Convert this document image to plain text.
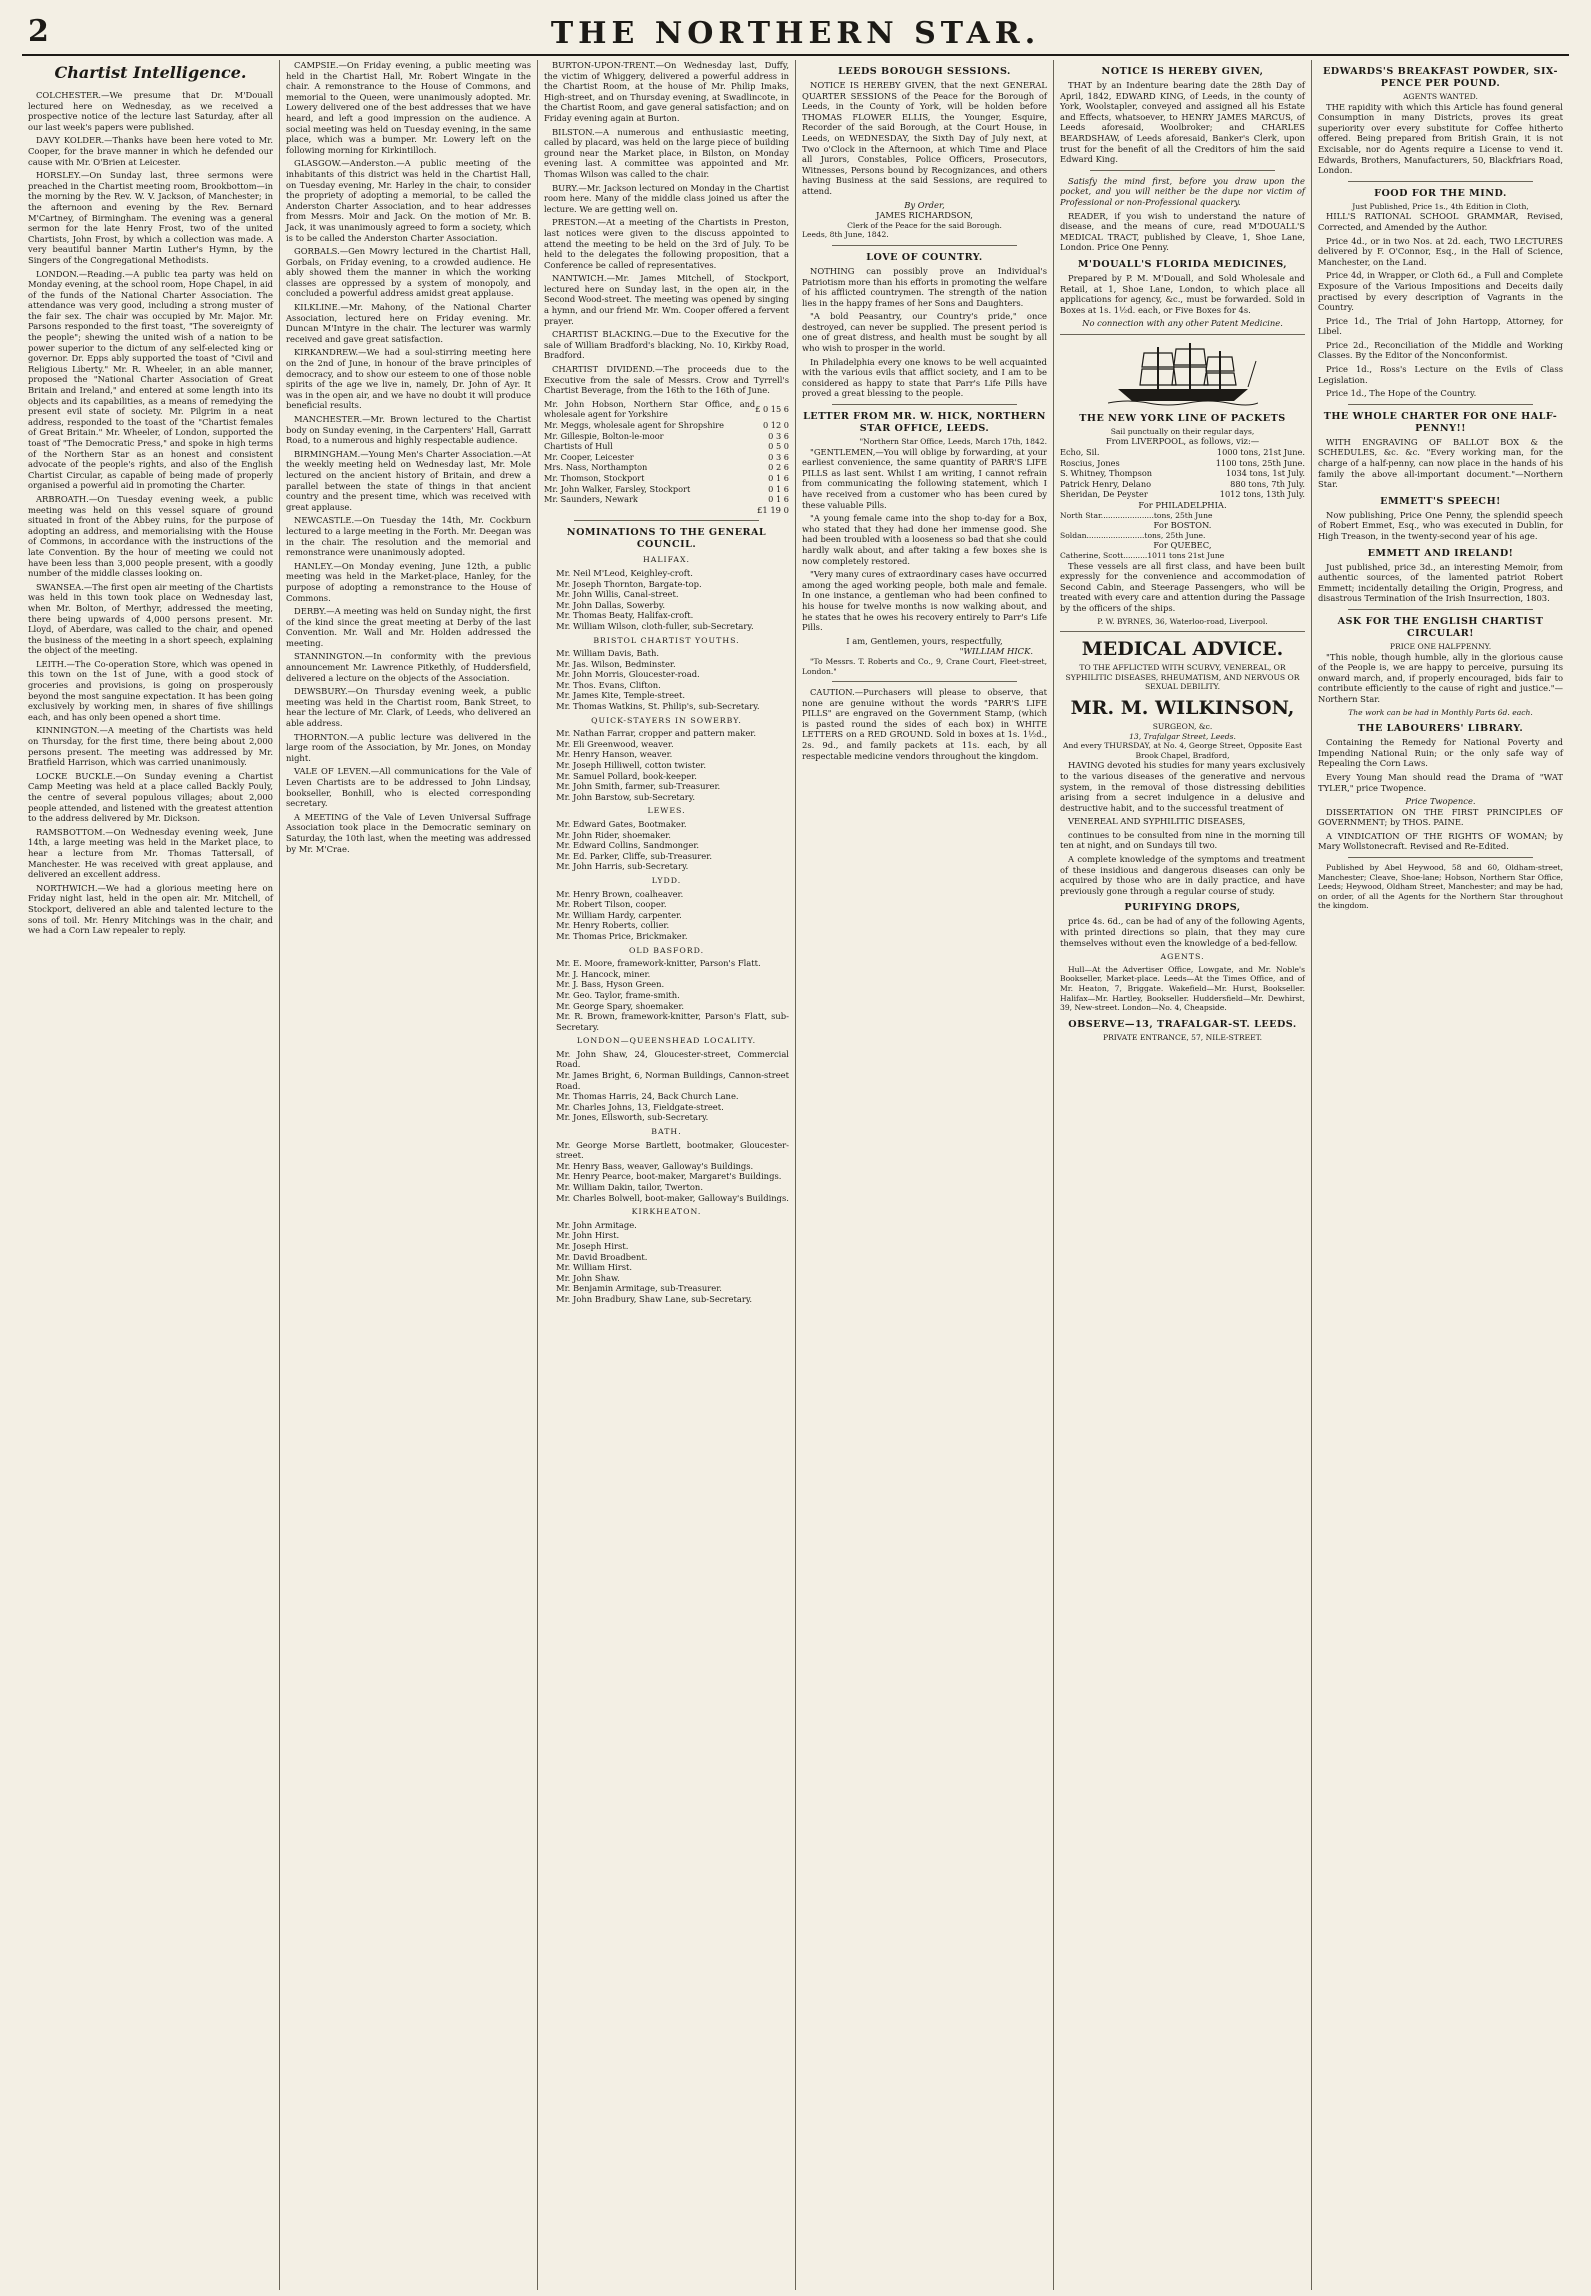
2	THE NORTHERN STAR.
Chartist Intelligence.

COLCHESTER.—We presume that Dr. M'Douall lectured here on Wednesday, as we received a prospective notice of the lecture last Saturday, after all our last week's papers were published.

DAVY KOLDER.—Thanks have been here voted to Mr. Cooper, for the brave manner in which he defended our cause with Mr. O'Brien at Leicester.

HORSLEY.—On Sunday last, three sermons were preached in the Chartist meeting room, Brookbottom—in the morning by the Rev. W. V. Jackson, of Manchester; in the afternoon and evening by the Rev. Bernard M'Cartney, of Birmingham. The evening was a general sermon for the late Henry Frost, two of the united Chartists, John Frost, by which a collection was made. A very beautiful banner Martin Luther's Hymn, by the Singers of the Congregational Methodists.

LONDON.—Reading.—A public tea party was held on Monday evening, at the school room, Hope Chapel, in aid of the funds of the National Charter Association. The attendance was very good, including a strong muster of the fair sex. The chair was occupied by Mr. Major. Mr. Parsons responded to the first toast, "The sovereignty of the people"; shewing the united wish of a nation to be power superior to the dictum of any self-elected king or governor. Dr. Epps ably supported the toast of "Civil and Religious Liberty." Mr. R. Wheeler, in an able manner, proposed the "National Charter Association of Great Britain and Ireland," and entered at some length into its objects and its capabilities, as a means of remedying the present evil state of society. Mr. Pilgrim in a neat address, responded to the toast of the "Chartist females of Great Britain." Mr. Wheeler, of London, supported the toast of "The Democratic Press," and spoke in high terms of the Northern Star as an honest and consistent advocate of the people's rights, and also of the English Chartist Circular, as capable of being made of properly organised a powerful aid in promoting the Charter.

ARBROATH.—On Tuesday evening week, a public meeting was held on this vessel square of ground situated in front of the Abbey ruins, for the purpose of adopting an address, and memorialising with the House of Commons, in accordance with the instructions of the late Convention. By the hour of meeting we could not have been less than 3,000 people present, with a goodly number of the middle classes looking on.

SWANSEA.—The first open air meeting of the Chartists was held in this town took place on Wednesday last, when Mr. Bolton, of Merthyr, addressed the meeting, there being upwards of 4,000 persons present. Mr. Lloyd, of Aberdare, was called to the chair, and opened the business of the meeting in a short speech, explaining the object of the meeting.

LEITH.—The Co-operation Store, which was opened in this town on the 1st of June, with a good stock of groceries and provisions, is going on prosperously beyond the most sanguine expectation. It has been going exclusively by working men, in shares of five shillings each, and has only been opened a short time.

KINNINGTON.—A meeting of the Chartists was held on Thursday, for the first time, there being about 2,000 persons present. The meeting was addressed by Mr. Bratfield Harrison, which was carried unanimously.

LOCKE BUCKLE.—On Sunday evening a Chartist Camp Meeting was held at a place called Backly Pouly, the centre of several populous villages; about 2,000 people attended, and listened with the greatest attention to the address delivered by Mr. Dickson.

RAMSBOTTOM.—On Wednesday evening week, June 14th, a large meeting was held in the Market place, to hear a lecture from Mr. Thomas Tattersall, of Manchester. He was received with great applause, and delivered an excellent address.

NORTHWICH.—We had a glorious meeting here on Friday night last, held in the open air. Mr. Mitchell, of Stockport, delivered an able and talented lecture to the sons of toil. Mr. Henry Mitchings was in the chair, and we had a Corn Law repealer to reply.

CAMPSIE.—On Friday evening, a public meeting was held in the Chartist Hall, Mr. Robert Wingate in the chair. A remonstrance to the House of Commons, and memorial to the Queen, were unanimously adopted. Mr. Lowery delivered one of the best addresses that we have heard, and left a good impression on the audience. A social meeting was held on Tuesday evening, in the same place, which was a bumper. Mr. Lowery left on the following morning for Kirkintilloch.

GLASGOW.—Anderston.—A public meeting of the inhabitants of this district was held in the Chartist Hall, on Tuesday evening, Mr. Harley in the chair, to consider the propriety of adopting a memorial, to be called the Anderston Charter Association, and to hear addresses from Messrs. Moir and Jack. On the motion of Mr. B. Jack, it was unanimously agreed to form a society, which is to be called the Anderston Charter Association.

GORBALS.—Gen Mowry lectured in the Chartist Hall, Gorbals, on Friday evening, to a crowded audience. He ably showed them the manner in which the working classes are oppressed by a system of monopoly, and concluded a powerful address amidst great applause.

KILKLINE.—Mr. Mahony, of the National Charter Association, lectured here on Friday evening. Mr. Duncan M'Intyre in the chair. The lecturer was warmly received and gave great satisfaction.

KIRKANDREW.—We had a soul-stirring meeting here on the 2nd of June, in honour of the brave principles of democracy, and to show our esteem to one of those noble spirits of the age we live in, namely, Dr. John of Ayr. It was in the open air, and we have no doubt it will produce beneficial results.

MANCHESTER.—Mr. Brown lectured to the Chartist body on Sunday evening, in the Carpenters' Hall, Garratt Road, to a numerous and highly respectable audience.

BIRMINGHAM.—Young Men's Charter Association.—At the weekly meeting held on Wednesday last, Mr. Mole lectured on the ancient history of Britain, and drew a parallel between the state of things in that ancient country and the present time, which was received with great applause.

NEWCASTLE.—On Tuesday the 14th, Mr. Cockburn lectured to a large meeting in the Forth. Mr. Deegan was in the chair. The resolution and the memorial and remonstrance were unanimously adopted.

HANLEY.—On Monday evening, June 12th, a public meeting was held in the Market-place, Hanley, for the purpose of adopting a remonstrance to the House of Commons.

DERBY.—A meeting was held on Sunday night, the first of the kind since the great meeting at Derby of the last Convention. Mr. Wall and Mr. Holden addressed the meeting.

STANNINGTON.—In conformity with the previous announcement Mr. Lawrence Pitkethly, of Huddersfield, delivered a lecture on the objects of the Association.

DEWSBURY.—On Thursday evening week, a public meeting was held in the Chartist room, Bank Street, to hear the lecture of Mr. Clark, of Leeds, who delivered an able address.

THORNTON.—A public lecture was delivered in the large room of the Association, by Mr. Jones, on Monday night.

VALE OF LEVEN.—All communications for the Vale of Leven Chartists are to be addressed to John Lindsay, bookseller, Bonhill, who is elected corresponding secretary.

A MEETING of the Vale of Leven Universal Suffrage Association took place in the Democratic seminary on Saturday, the 10th last, when the meeting was addressed by Mr. M'Crae.

BURTON-UPON-TRENT.—On Wednesday last, Duffy, the victim of Whiggery, delivered a powerful address in the Chartist Room, at the house of Mr. Philip Imaks, High-street, and on Thursday evening, at Swadlincote, in the Chartist Room, and gave general satisfaction; and on Friday evening again at Burton.

BILSTON.—A numerous and enthusiastic meeting, called by placard, was held on the large piece of building ground near the Market place, in Bilston, on Monday evening last. A committee was appointed and Mr. Thomas Wilson was called to the chair.

BURY.—Mr. Jackson lectured on Monday in the Chartist room here. Many of the middle class joined us after the lecture. We are getting well on.

PRESTON.—At a meeting of the Chartists in Preston, last notices were given to the discuss appointed to attend the meeting to be held on the 3rd of July. To be held to the delegates the following proposition, that a Conference be called of representatives.

NANTWICH.—Mr. James Mitchell, of Stockport, lectured here on Sunday last, in the open air, in the Second Wood-street. The meeting was opened by singing a hymn, and our friend Mr. Wm. Cooper offered a fervent prayer.

CHARTIST BLACKING.—Due to the Executive for the sale of William Bradford's blacking, No. 10, Kirkby Road, Bradford.

CHARTIST DIVIDEND.—The proceeds due to the Executive from the sale of Messrs. Crow and Tyrrell's Chartist Beverage, from the 16th to the 16th of June.

Mr. John Hobson, Northern Star Office, and wholesale agent for Yorkshire	£ 0 15 6
Mr. Meggs, wholesale agent for Shropshire	0 12 0
Mr. Gillespie, Bolton-le-moor	0 3 6
Chartists of Hull	0 5 0
Mr. Cooper, Leicester	0 3 6
Mrs. Nass, Northampton	0 2 6
Mr. Thomson, Stockport	0 1 6
Mr. John Walker, Farsley, Stockport	0 1 6
Mr. Saunders, Newark	0 1 6
£1 19 0
NOMINATIONS TO THE GENERAL COUNCIL.
HALIFAX.
Mr. Neil M'Leod, Keighley-croft.
Mr. Joseph Thornton, Bargate-top.
Mr. John Willis, Canal-street.
Mr. John Dallas, Sowerby.
Mr. Thomas Beaty, Halifax-croft.
Mr. William Wilson, cloth-fuller, sub-Secretary.
BRISTOL CHARTIST YOUTHS.
Mr. William Davis, Bath.
Mr. Jas. Wilson, Bedminster.
Mr. John Morris, Gloucester-road.
Mr. Thos. Evans, Clifton.
Mr. James Kite, Temple-street.
Mr. Thomas Watkins, St. Philip's, sub-Secretary.
QUICK-STAYERS IN SOWERBY.
Mr. Nathan Farrar, cropper and pattern maker.
Mr. Eli Greenwood, weaver.
Mr. Henry Hanson, weaver.
Mr. Joseph Hilliwell, cotton twister.
Mr. Samuel Pollard, book-keeper.
Mr. John Smith, farmer, sub-Treasurer.
Mr. John Barstow, sub-Secretary.
LEWES.
Mr. Edward Gates, Bootmaker.
Mr. John Rider, shoemaker.
Mr. Edward Collins, Sandmonger.
Mr. Ed. Parker, Cliffe, sub-Treasurer.
Mr. John Harris, sub-Secretary.
LYDD.
Mr. Henry Brown, coalheaver.
Mr. Robert Tilson, cooper.
Mr. William Hardy, carpenter.
Mr. Henry Roberts, collier.
Mr. Thomas Price, Brickmaker.
OLD BASFORD.
Mr. E. Moore, framework-knitter, Parson's Flatt.
Mr. J. Hancock, miner.
Mr. J. Bass, Hyson Green.
Mr. Geo. Taylor, frame-smith.
Mr. George Spary, shoemaker.
Mr. R. Brown, framework-knitter, Parson's Flatt, sub-Secretary.
LONDON—QUEENSHEAD LOCALITY.
Mr. John Shaw, 24, Gloucester-street, Commercial Road.
Mr. James Bright, 6, Norman Buildings, Cannon-street Road.
Mr. Thomas Harris, 24, Back Church Lane.
Mr. Charles Johns, 13, Fieldgate-street.
Mr. Jones, Ellsworth, sub-Secretary.
BATH.
Mr. George Morse Bartlett, bootmaker, Gloucester-street.
Mr. Henry Bass, weaver, Galloway's Buildings.
Mr. Henry Pearce, boot-maker, Margaret's Buildings.
Mr. William Dakin, tailor, Twerton.
Mr. Charles Bolwell, boot-maker, Galloway's Buildings.
KIRKHEATON.
Mr. John Armitage.
Mr. John Hirst.
Mr. Joseph Hirst.
Mr. David Broadbent.
Mr. William Hirst.
Mr. John Shaw.
Mr. Benjamin Armitage, sub-Treasurer.
Mr. John Bradbury, Shaw Lane, sub-Secretary.
LEEDS BOROUGH SESSIONS.

NOTICE IS HEREBY GIVEN, that the next GENERAL QUARTER SESSIONS of the Peace for the Borough of Leeds, in the County of York, will be holden before THOMAS FLOWER ELLIS, the Younger, Esquire, Recorder of the said Borough, at the Court House, in Leeds, on WEDNESDAY, the Sixth Day of July next, at Two o'Clock in the Afternoon, at which Time and Place all Jurors, Constables, Police Officers, Prosecutors, Witnesses, Persons bound by Recognizances, and others having Business at the said Sessions, are required to attend.

By Order,
JAMES RICHARDSON,
Clerk of the Peace for the said Borough.
Leeds, 8th June, 1842.
LOVE OF COUNTRY.

NOTHING can possibly prove an Individual's Patriotism more than his efforts in promoting the welfare of his afflicted countrymen. The strength of the nation lies in the happy frames of her Sons and Daughters.

"A bold Peasantry, our Country's pride," once destroyed, can never be supplied. The present period is one of great distress, and health must be sought by all who wish to prosper in the world.

In Philadelphia every one knows to be well acquainted with the various evils that afflict society, and I am to be considered as happy to state that Parr's Life Pills have proved a great blessing to the people.

LETTER FROM MR. W. HICK, NORTHERN STAR OFFICE, LEEDS.
"Northern Star Office, Leeds, March 17th, 1842.

"GENTLEMEN,—You will oblige by forwarding, at your earliest convenience, the same quantity of PARR'S LIFE PILLS as last sent. Whilst I am writing, I cannot refrain from communicating the following statement, which I have received from a customer who has been cured by these valuable Pills.

"A young female came into the shop to-day for a Box, who stated that they had done her immense good. She had been troubled with a looseness so bad that she could hardly walk about, and after taking a few boxes she is now completely restored.

"Very many cures of extraordinary cases have occurred among the aged working people, both male and female. In one instance, a gentleman who had been confined to his house for twelve months is now walking about, and he states that he owes his recovery entirely to Parr's Life Pills.

I am, Gentlemen, yours, respectfully,
"WILLIAM HICK.

"To Messrs. T. Roberts and Co., 9, Crane Court, Fleet-street, London."

CAUTION.—Purchasers will please to observe, that none are genuine without the words "PARR'S LIFE PILLS" are engraved on the Government Stamp, (which is pasted round the sides of each box) in WHITE LETTERS on a RED GROUND. Sold in boxes at 1s. 1½d., 2s. 9d., and family packets at 11s. each, by all respectable medicine vendors throughout the kingdom.

NOTICE IS HEREBY GIVEN,

THAT by an Indenture bearing date the 28th Day of April, 1842, EDWARD KING, of Leeds, in the county of York, Woolstapler, conveyed and assigned all his Estate and Effects, whatsoever, to HENRY JAMES MARCUS, of Leeds aforesaid, Woolbroker; and CHARLES BEARDSHAW, of Leeds aforesaid, Banker's Clerk, upon trust for the benefit of all the Creditors of him the said Edward King.

Satisfy the mind first, before you draw upon the pocket, and you will neither be the dupe nor victim of Professional or non-Professional quackery.

READER, if you wish to understand the nature of disease, and the means of cure, read M'DOUALL'S MEDICAL TRACT, published by Cleave, 1, Shoe Lane, London. Price One Penny.

M'DOUALL'S FLORIDA MEDICINES,

Prepared by P. M. M'Douall, and Sold Wholesale and Retail, at 1, Shoe Lane, London, to which place all applications for agency, &c., must be forwarded. Sold in Boxes at 1s. 1½d. each, or Five Boxes for 4s.

No connection with any other Patent Medicine.
THE NEW YORK LINE OF PACKETS
Sail punctually on their regular days,
From LIVERPOOL, as follows, viz:—
Echo, Sil.	1000 tons, 21st June.
Roscius, Jones	1100 tons, 25th June.
S. Whitney, Thompson	1034 tons, 1st July.
Patrick Henry, Delano	880 tons, 7th July.
Sheridan, De Peyster	1012 tons, 13th July.
For PHILADELPHIA.
North Star......................tons, 25th June
For BOSTON.
Soldan........................tons, 25th June.
For QUEBEC,
Catherine, Scott..........1011 tons 21st June

These vessels are all first class, and have been built expressly for the convenience and accommodation of Second Cabin, and Steerage Passengers, who will be treated with every care and attention during the Passage by the officers of the ships.

P. W. BYRNES, 36, Waterloo-road, Liverpool.
MEDICAL ADVICE.
TO THE AFFLICTED WITH SCURVY, VENEREAL, OR SYPHILITIC DISEASES, RHEUMATISM, AND NERVOUS OR SEXUAL DEBILITY.
MR. M. WILKINSON,
SURGEON, &c.
13, Trafalgar Street, Leeds.
And every THURSDAY, at No. 4, George Street, Opposite East Brook Chapel, Bradford,

HAVING devoted his studies for many years exclusively to the various diseases of the generative and nervous system, in the removal of those distressing debilities arising from a secret indulgence in a delusive and destructive habit, and to the successful treatment of

VENEREAL AND SYPHILITIC DISEASES,

continues to be consulted from nine in the morning till ten at night, and on Sundays till two.

A complete knowledge of the symptoms and treatment of these insidious and dangerous diseases can only be acquired by those who are in daily practice, and have previously gone through a regular course of study.

PURIFYING DROPS,

price 4s. 6d., can be had of any of the following Agents, with printed directions so plain, that they may cure themselves without even the knowledge of a bed-fellow.

AGENTS.

Hull—At the Advertiser Office, Lowgate, and Mr. Noble's Bookseller, Market-place. Leeds—At the Times Office, and of Mr. Heaton, 7, Briggate. Wakefield—Mr. Hurst, Bookseller. Halifax—Mr. Hartley, Bookseller. Huddersfield—Mr. Dewhirst, 39, New-street. London—No. 4, Cheapside.

OBSERVE—13, TRAFALGAR-ST. LEEDS.
PRIVATE ENTRANCE, 57, NILE-STREET.
EDWARDS'S BREAKFAST POWDER, SIX-PENCE PER POUND.
AGENTS WANTED.

THE rapidity with which this Article has found general Consumption in many Districts, proves its great superiority over every substitute for Coffee hitherto offered. Being prepared from British Grain, it is not Excisable, nor do Agents require a License to vend it. Edwards, Brothers, Manufacturers, 50, Blackfriars Road, London.

FOOD FOR THE MIND.
Just Published, Price 1s., 4th Edition in Cloth,

HILL'S RATIONAL SCHOOL GRAMMAR, Revised, Corrected, and Amended by the Author.

Price 4d., or in two Nos. at 2d. each, TWO LECTURES delivered by F. O'Connor, Esq., in the Hall of Science, Manchester, on the Land.

Price 4d, in Wrapper, or Cloth 6d., a Full and Complete Exposure of the Various Impositions and Deceits daily practised by every description of Vagrants in the Country.

Price 1d., The Trial of John Hartopp, Attorney, for Libel.

Price 2d., Reconciliation of the Middle and Working Classes. By the Editor of the Nonconformist.

Price 1d., Ross's Lecture on the Evils of Class Legislation.

Price 1d., The Hope of the Country.

THE WHOLE CHARTER FOR ONE HALF-PENNY!!

WITH ENGRAVING OF BALLOT BOX & the SCHEDULES, &c. &c. "Every working man, for the charge of a half-penny, can now place in the hands of his family the above all-important document."—Northern Star.

EMMETT'S SPEECH!

Now publishing, Price One Penny, the splendid speech of Robert Emmet, Esq., who was executed in Dublin, for High Treason, in the twenty-second year of his age.

EMMETT AND IRELAND!

Just published, price 3d., an interesting Memoir, from authentic sources, of the lamented patriot Robert Emmett; incidentally detailing the Origin, Progress, and disastrous Termination of the Irish Insurrection, 1803.

ASK FOR THE ENGLISH CHARTIST CIRCULAR!
PRICE ONE HALFPENNY.

"This noble, though humble, ally in the glorious cause of the People is, we are happy to perceive, pursuing its onward march, and, if properly encouraged, bids fair to contribute efficiently to the cause of right and justice."—Northern Star.

The work can be had in Monthly Parts 6d. each.
THE LABOURERS' LIBRARY.

Containing the Remedy for National Poverty and Impending National Ruin; or the only safe way of Repealing the Corn Laws.

Every Young Man should read the Drama of "WAT TYLER," price Twopence.

Price Twopence.

DISSERTATION ON THE FIRST PRINCIPLES OF GOVERNMENT; by THOS. PAINE.

A VINDICATION OF THE RIGHTS OF WOMAN; by Mary Wollstonecraft. Revised and Re-Edited.

Published by Abel Heywood, 58 and 60, Oldham-street, Manchester; Cleave, Shoe-lane; Hobson, Northern Star Office, Leeds; Heywood, Oldham Street, Manchester; and may be had, on order, of all the Agents for the Northern Star throughout the kingdom.
